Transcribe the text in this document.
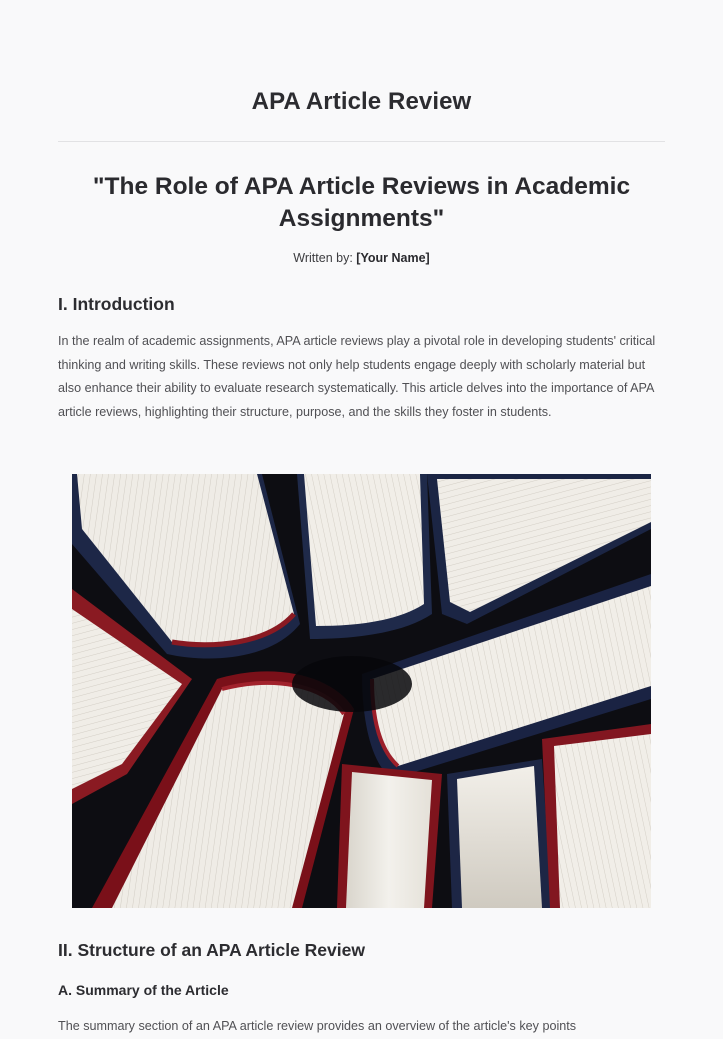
APA Article Review
"The Role of APA Article Reviews in Academic Assignments"
Written by: [Your Name]
I. Introduction
In the realm of academic assignments, APA article reviews play a pivotal role in developing students' critical thinking and writing skills. These reviews not only help students engage deeply with scholarly material but also enhance their ability to evaluate research systematically. This article delves into the importance of APA article reviews, highlighting their structure, purpose, and the skills they foster in students.
II. Structure of an APA Article Review
A. Summary of the Article
The summary section of an APA article review provides an overview of the article's key points
